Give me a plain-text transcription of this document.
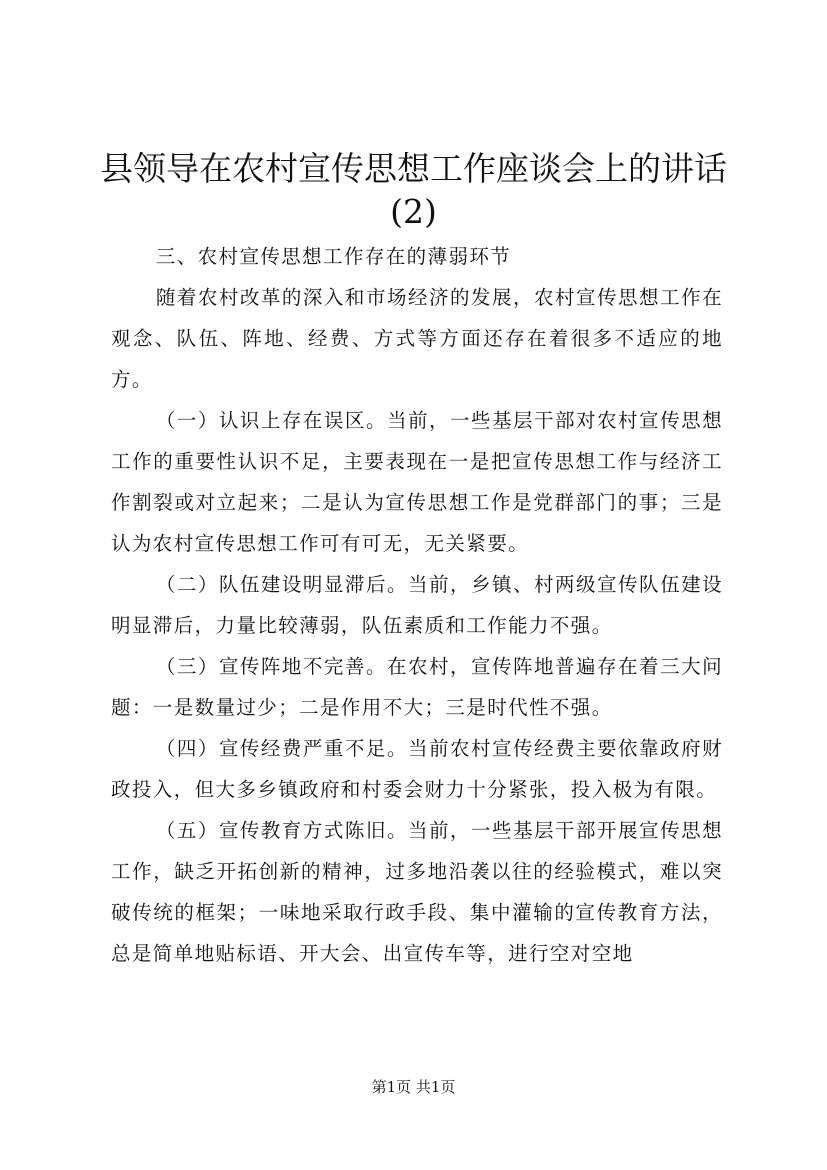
县领导在农村宣传思想工作座谈会上的讲话
(2)

三、农村宣传思想工作存在的薄弱环节

随着农村改革的深入和市场经济的发展，农村宣传思想工作在观念、队伍、阵地、经费、方式等方面还存在着很多不适应的地方。

（一）认识上存在误区。当前，一些基层干部对农村宣传思想工作的重要性认识不足，主要表现在一是把宣传思想工作与经济工作割裂或对立起来；二是认为宣传思想工作是党群部门的事；三是认为农村宣传思想工作可有可无，无关紧要。

（二）队伍建设明显滞后。当前，乡镇、村两级宣传队伍建设明显滞后，力量比较薄弱，队伍素质和工作能力不强。

（三）宣传阵地不完善。在农村，宣传阵地普遍存在着三大问题：一是数量过少；二是作用不大；三是时代性不强。

（四）宣传经费严重不足。当前农村宣传经费主要依靠政府财政投入，但大多乡镇政府和村委会财力十分紧张，投入极为有限。

（五）宣传教育方式陈旧。当前，一些基层干部开展宣传思想工作，缺乏开拓创新的精神，过多地沿袭以往的经验模式，难以突破传统的框架；一味地采取行政手段、集中灌输的宣传教育方法，总是简单地贴标语、开大会、出宣传车等，进行空对空地

第1页 共1页
